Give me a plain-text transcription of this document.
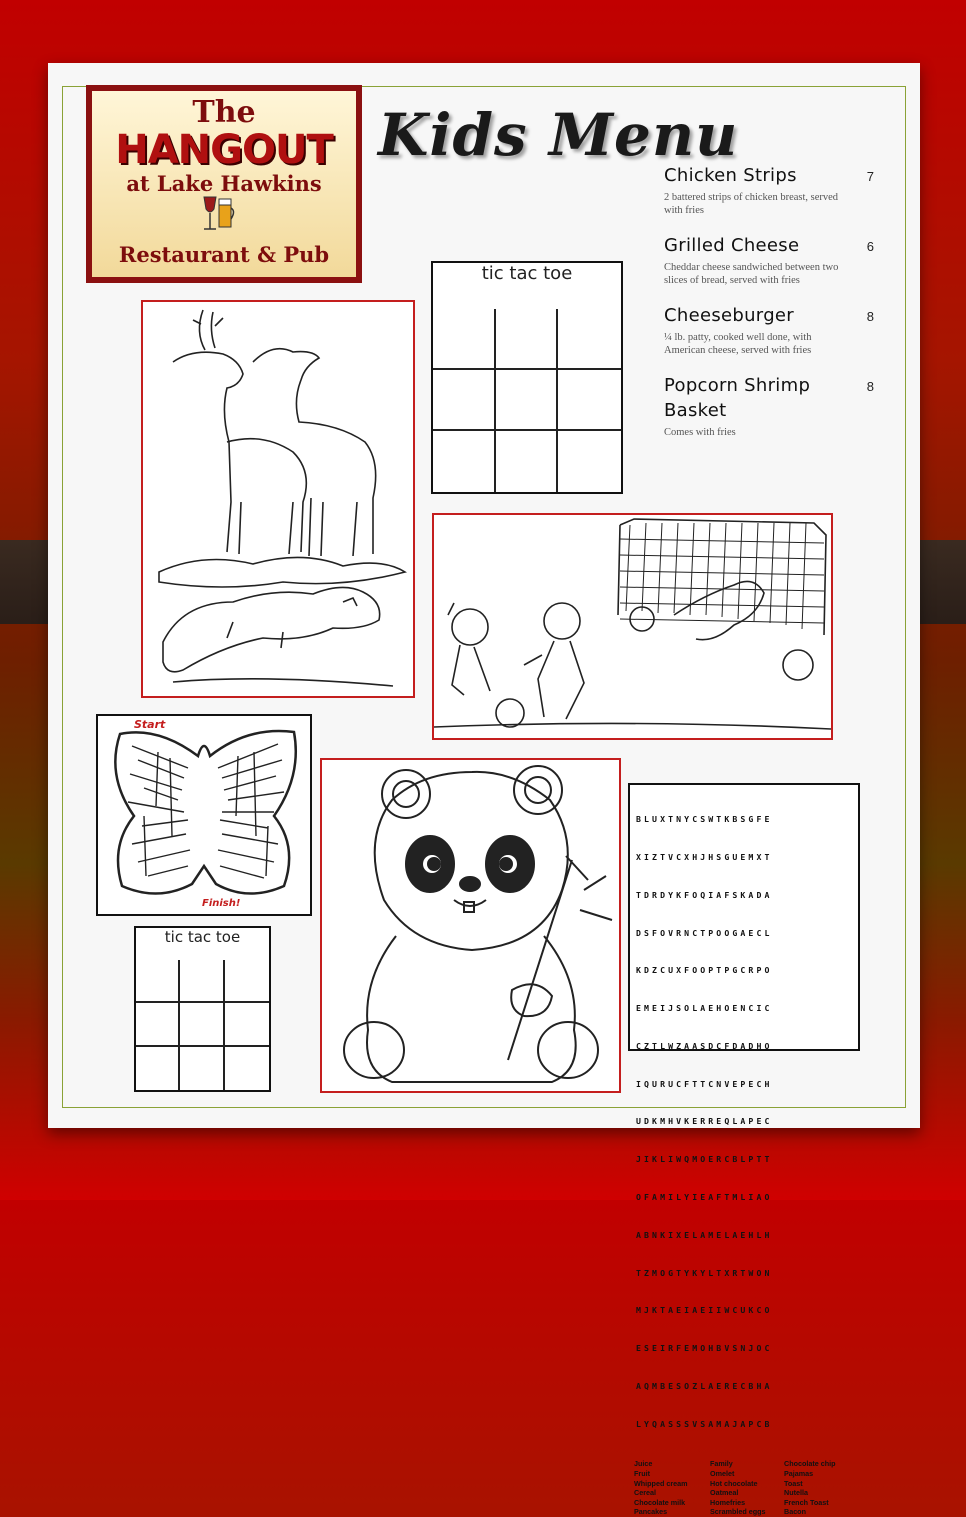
The
HANGOUT
at Lake Hawkins
Restaurant & Pub
Kids Menu
Chicken Strips	7
2 battered strips of chicken breast, served with fries
Grilled Cheese	6
Cheddar cheese sandwiched between two slices of bread, served with fries
Cheeseburger	8
¼ lb. patty, cooked well done, with American cheese, served with fries
Popcorn Shrimp Basket
8
Comes with fries
tic tac toe
Start
Finish!
tic tac toe

BLUXTNYCSWTKBSGFE

XIZTVCXHJHSGUEMXT

TDRDYKFOQIAFSKADA

DSFOVRNCTPOOGAECL

KDZCUXFOOPTPGCRPO

EMEIJSOLAEHOENCIC

CZTLWZAASDCFDADHO

IQURUCFTTCNVEPECH

UDKMHVKERREQLAPEC

JIKLIWQMOERCBLPTT

OFAMILYIEAFTMLIAO

ABNKIXELAMELAEHLH

TZMOGTYKYLTXRTWON

MJKTAEIAEIIWCUKCO

ESEIRFEMOHBVSNJOC

AQMBESOZLAERECBHA

LYQASSSVSAMAJAPCB

Juice
Fruit
Whipped cream
Cereal
Chocolate milk
Pancakes
Family
Omelet
Hot chocolate
Oatmeal
Homefries
Scrambled eggs
Chocolate chip
Pajamas
Toast
Nutella
French Toast
Bacon
